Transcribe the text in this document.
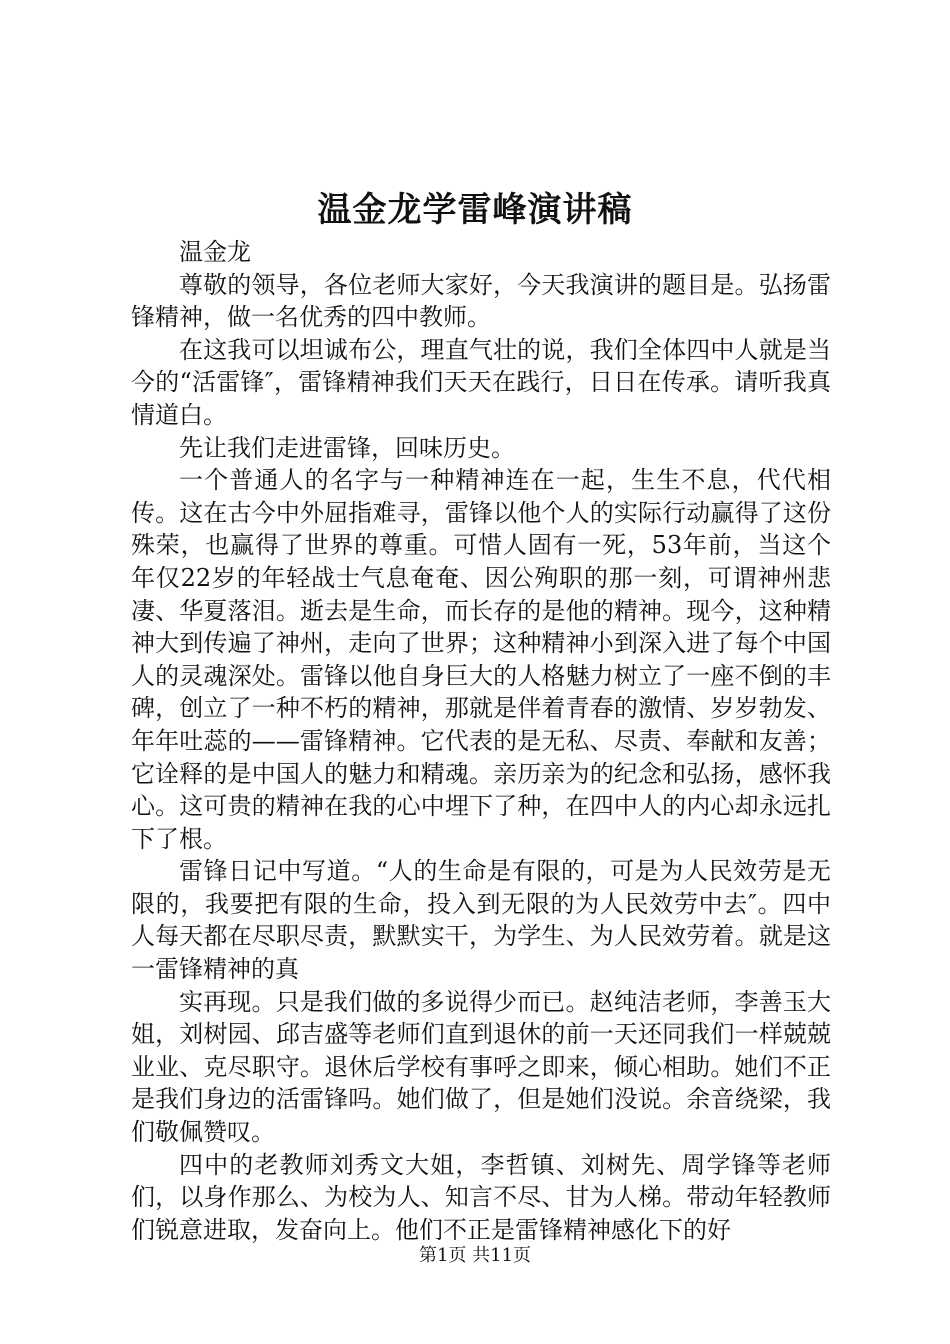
温金龙学雷峰演讲稿

温金龙

尊敬的领导，各位老师大家好，今天我演讲的题目是。弘扬雷锋精神，做一名优秀的四中教师。

在这我可以坦诚布公，理直气壮的说，我们全体四中人就是当今的“活雷锋″，雷锋精神我们天天在践行，日日在传承。请听我真情道白。

先让我们走进雷锋，回味历史。

一个普通人的名字与一种精神连在一起，生生不息，代代相传。这在古今中外屈指难寻，雷锋以他个人的实际行动赢得了这份殊荣，也赢得了世界的尊重。可惜人固有一死，53年前，当这个年仅22岁的年轻战士气息奄奄、因公殉职的那一刻，可谓神州悲凄、华夏落泪。逝去是生命，而长存的是他的精神。现今，这种精神大到传遍了神州，走向了世界；这种精神小到深入进了每个中国人的灵魂深处。雷锋以他自身巨大的人格魅力树立了一座不倒的丰碑，创立了一种不朽的精神，那就是伴着青春的激情、岁岁勃发、年年吐蕊的——雷锋精神。它代表的是无私、尽责、奉献和友善；它诠释的是中国人的魅力和精魂。亲历亲为的纪念和弘扬，感怀我心。这可贵的精神在我的心中埋下了种，在四中人的内心却永远扎下了根。

雷锋日记中写道。“人的生命是有限的，可是为人民效劳是无限的，我要把有限的生命，投入到无限的为人民效劳中去″。四中人每天都在尽职尽责，默默实干，为学生、为人民效劳着。就是这一雷锋精神的真

实再现。只是我们做的多说得少而已。赵纯洁老师，李善玉大姐，刘树园、邱吉盛等老师们直到退休的前一天还同我们一样兢兢业业、克尽职守。退休后学校有事呼之即来，倾心相助。她们不正是我们身边的活雷锋吗。她们做了，但是她们没说。余音绕梁，我们敬佩赞叹。

四中的老教师刘秀文大姐，李哲镇、刘树先、周学锋等老师们，以身作那么、为校为人、知言不尽、甘为人梯。带动年轻教师们锐意进取，发奋向上。他们不正是雷锋精神感化下的好

第1页 共11页
